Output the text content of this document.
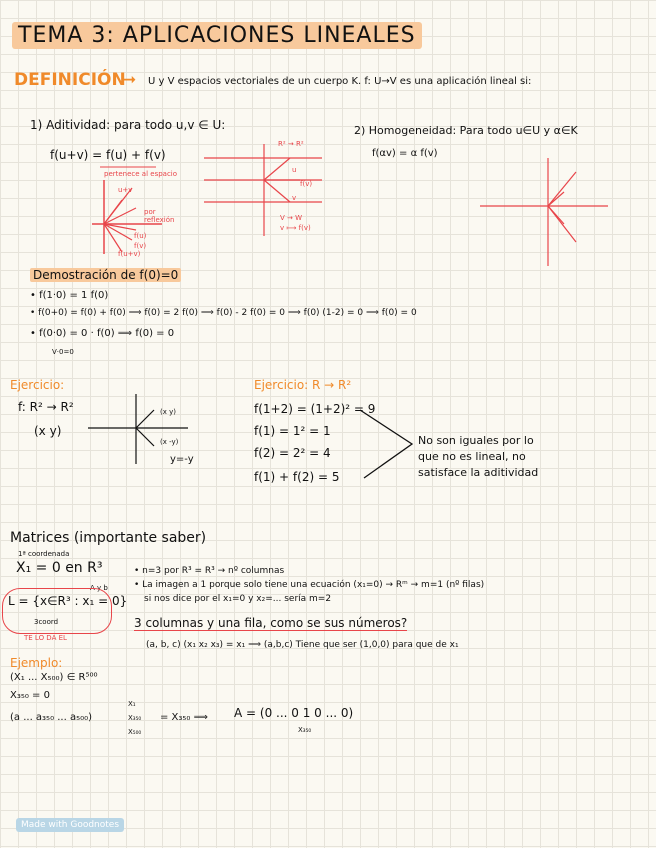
TEMA 3: APLICACIONES LINEALES
DEFINICIÓN
➞ U y V espacios vectoriales de un cuerpo K. f: U→V es una aplicación lineal si:
1) Aditividad: para todo u,v ∈ U:
f(u+v) = f(u) + f(v)
pertenece al espacio
u+v
por reflexión
f(u)
f(v)
f(u+v)
R² → R²
u
v
f(v)
V → W
v ⟼ f(v)
2) Homogeneidad: Para todo u∈U y α∈K
f(αv) = α f(v)
Demostración de f(0)=0
• f(1·0) = 1 f(0)
• f(0+0) = f(0) + f(0) ⟹ f(0) = 2 f(0) ⟹ f(0) - 2 f(0) = 0 ⟹ f(0) (1-2) = 0 ⟹ f(0) = 0
• f(0·0) = 0 · f(0) ⟹ f(0) = 0
V·0=0
Ejercicio:
f: R² → R²
(x y)
(x y)
(x -y)
y=-y
Ejercicio: R → R²
f(1+2) = (1+2)² = 9
f(1) = 1² = 1
f(2) = 2² = 4
f(1) + f(2) = 5
No son iguales por lo
que no es lineal, no
satisface la aditividad
Matrices (importante saber)
1ª coordenada
X₁ = 0 en R³
A y b
L = {x∈R³ : x₁ = 0}
3coord
TE LO DA EL
• n=3 por R³ = R³ → nº columnas
• La imagen a 1 porque solo tiene una ecuación (x₁=0) → Rᵐ → m=1 (nº filas)
si nos dice por el x₁=0 y x₂=... sería m=2
3 columnas y una fila, como se sus números?
(a, b, c) (x₁ x₂ x₃) = x₁ ⟹ (a,b,c) Tiene que ser (1,0,0) para que de x₁
Ejemplo:
(X₁ ... X₅₀₀) ∈ R⁵⁰⁰
X₃₅₀ = 0
(a ... a₃₅₀ ... a₅₀₀)
X₁
X₃₅₀
X₅₀₀
= X₃₅₀ ⟹ A = (0 ... 0 1 0 ... 0)
X₃₅₀
Made with Goodnotes
